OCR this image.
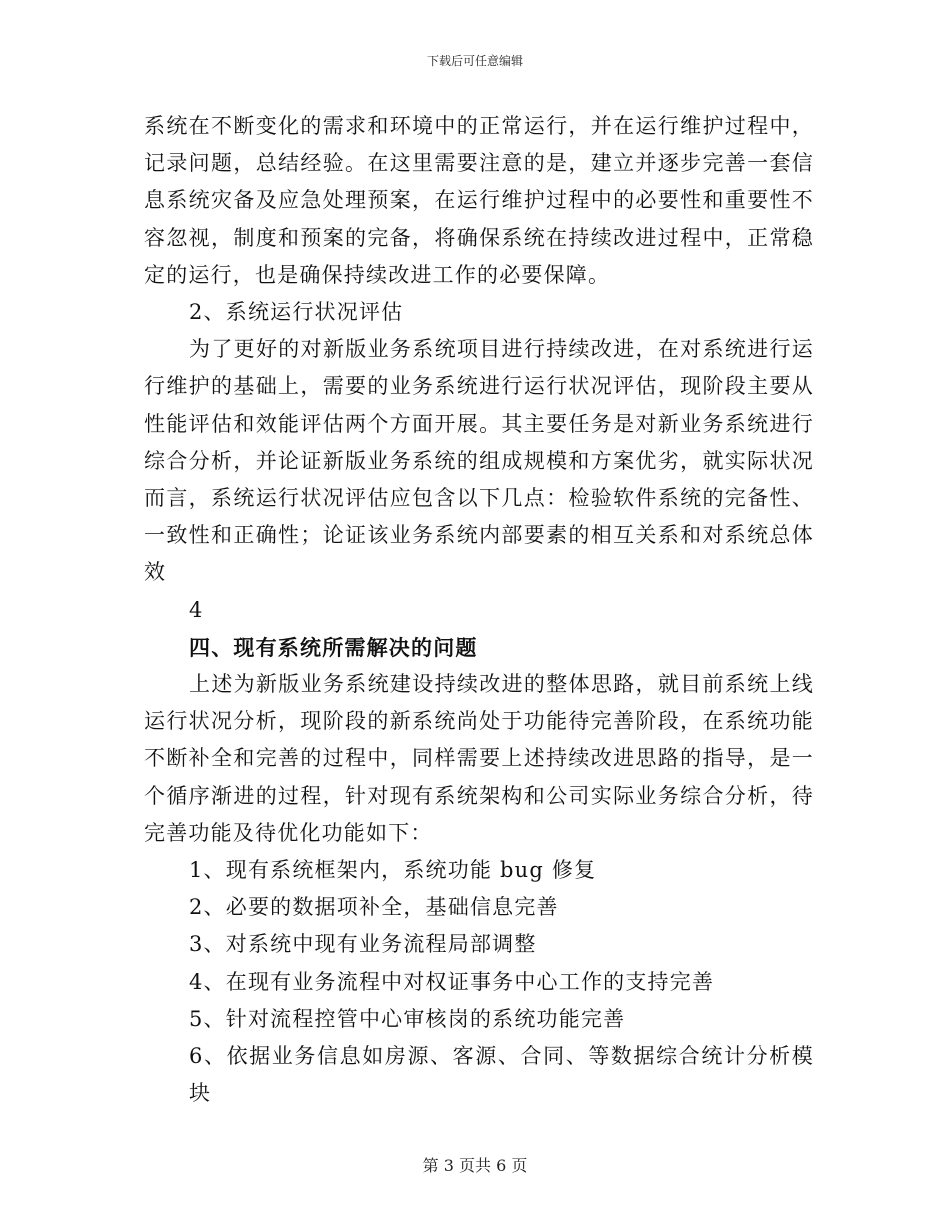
下载后可任意编辑

系统在不断变化的需求和环境中的正常运行，并在运行维护过程中，记录问题，总结经验。在这里需要注意的是，建立并逐步完善一套信息系统灾备及应急处理预案，在运行维护过程中的必要性和重要性不容忽视，制度和预案的完备，将确保系统在持续改进过程中，正常稳定的运行，也是确保持续改进工作的必要保障。

2、系统运行状况评估

为了更好的对新版业务系统项目进行持续改进，在对系统进行运行维护的基础上，需要的业务系统进行运行状况评估，现阶段主要从性能评估和效能评估两个方面开展。其主要任务是对新业务系统进行综合分析，并论证新版业务系统的组成规模和方案优劣，就实际状况而言，系统运行状况评估应包含以下几点：检验软件系统的完备性、一致性和正确性；论证该业务系统内部要素的相互关系和对系统总体效

4

四、现有系统所需解决的问题

上述为新版业务系统建设持续改进的整体思路，就目前系统上线运行状况分析，现阶段的新系统尚处于功能待完善阶段，在系统功能不断补全和完善的过程中，同样需要上述持续改进思路的指导，是一个循序渐进的过程，针对现有系统架构和公司实际业务综合分析，待完善功能及待优化功能如下：

1、现有系统框架内，系统功能 bug 修复

2、必要的数据项补全，基础信息完善

3、对系统中现有业务流程局部调整

4、在现有业务流程中对权证事务中心工作的支持完善

5、针对流程控管中心审核岗的系统功能完善

6、依据业务信息如房源、客源、合同、等数据综合统计分析模块

第 3 页共 6 页
